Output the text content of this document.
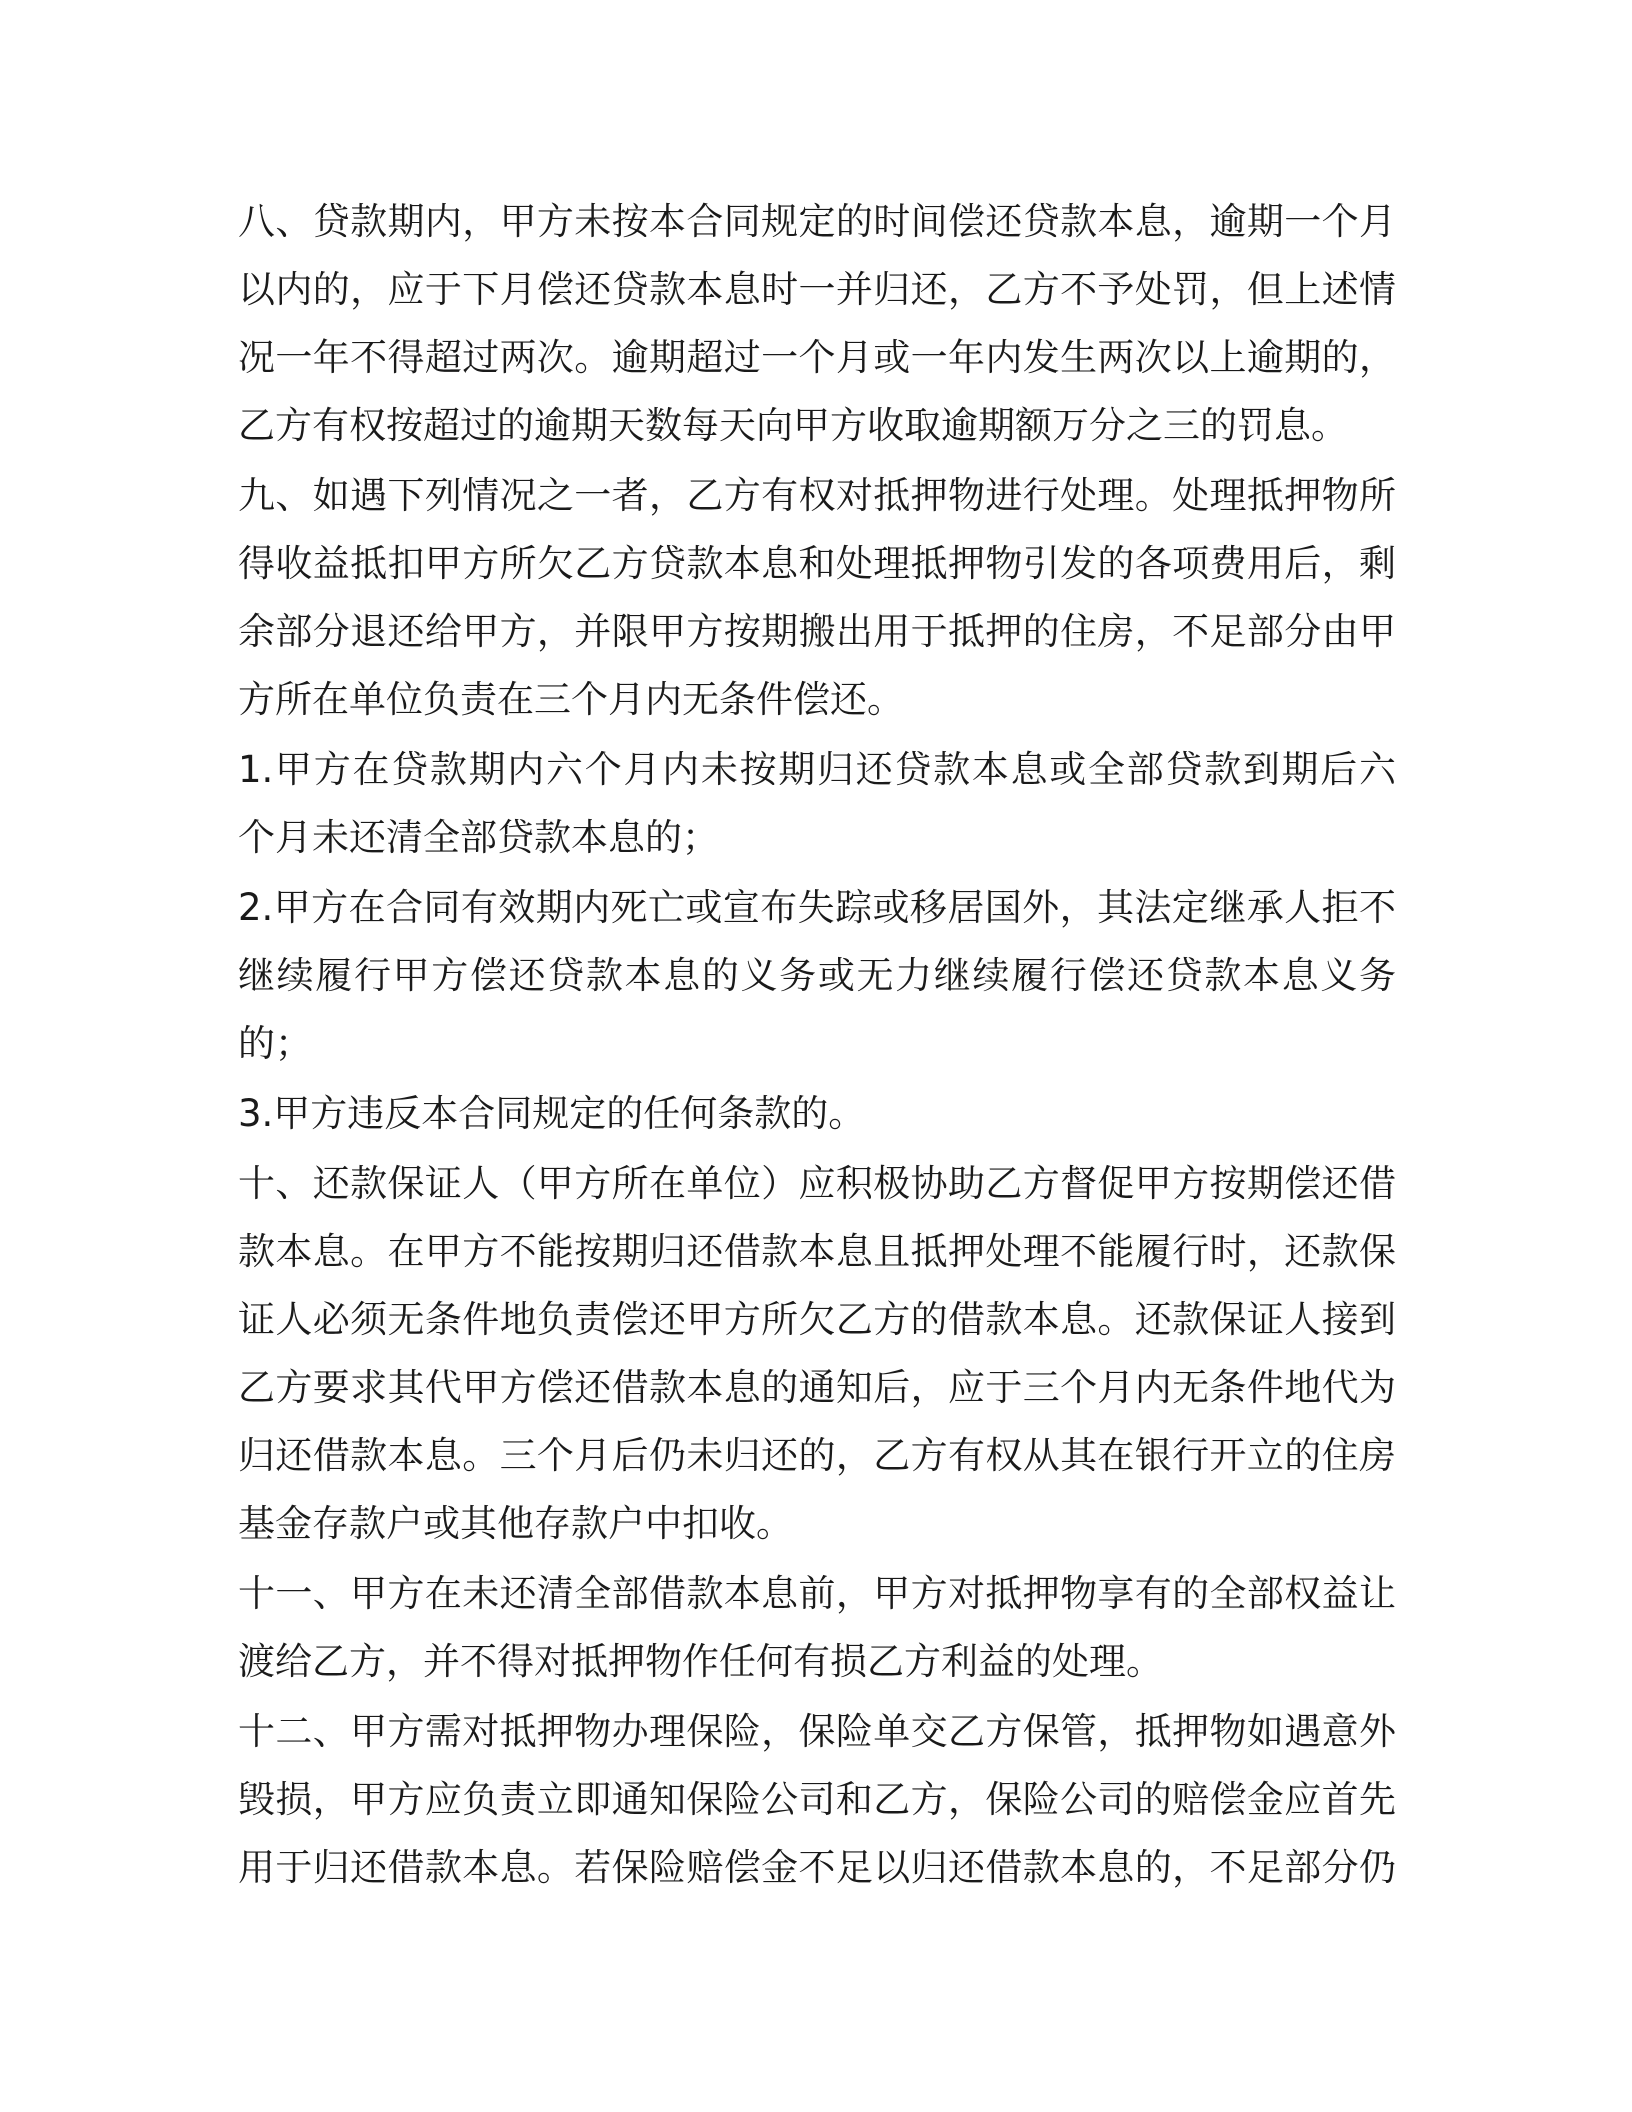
八、贷款期内，甲方未按本合同规定的时间偿还贷款本息，逾期一个月
以内的，应于下月偿还贷款本息时一并归还，乙方不予处罚，但上述情
况一年不得超过两次。逾期超过一个月或一年内发生两次以上逾期的，
乙方有权按超过的逾期天数每天向甲方收取逾期额万分之三的罚息。
九、如遇下列情况之一者，乙方有权对抵押物进行处理。处理抵押物所
得收益抵扣甲方所欠乙方贷款本息和处理抵押物引发的各项费用后，剩
余部分退还给甲方，并限甲方按期搬出用于抵押的住房，不足部分由甲
方所在单位负责在三个月内无条件偿还。
1.甲方在贷款期内六个月内未按期归还贷款本息或全部贷款到期后六
个月未还清全部贷款本息的；
2.甲方在合同有效期内死亡或宣布失踪或移居国外，其法定继承人拒不
继续履行甲方偿还贷款本息的义务或无力继续履行偿还贷款本息义务
的；
3.甲方违反本合同规定的任何条款的。
十、还款保证人（甲方所在单位）应积极协助乙方督促甲方按期偿还借
款本息。在甲方不能按期归还借款本息且抵押处理不能履行时，还款保
证人必须无条件地负责偿还甲方所欠乙方的借款本息。还款保证人接到
乙方要求其代甲方偿还借款本息的通知后，应于三个月内无条件地代为
归还借款本息。三个月后仍未归还的，乙方有权从其在银行开立的住房
基金存款户或其他存款户中扣收。
十一、甲方在未还清全部借款本息前，甲方对抵押物享有的全部权益让
渡给乙方，并不得对抵押物作任何有损乙方利益的处理。
十二、甲方需对抵押物办理保险，保险单交乙方保管，抵押物如遇意外
毁损，甲方应负责立即通知保险公司和乙方，保险公司的赔偿金应首先
用于归还借款本息。若保险赔偿金不足以归还借款本息的，不足部分仍
